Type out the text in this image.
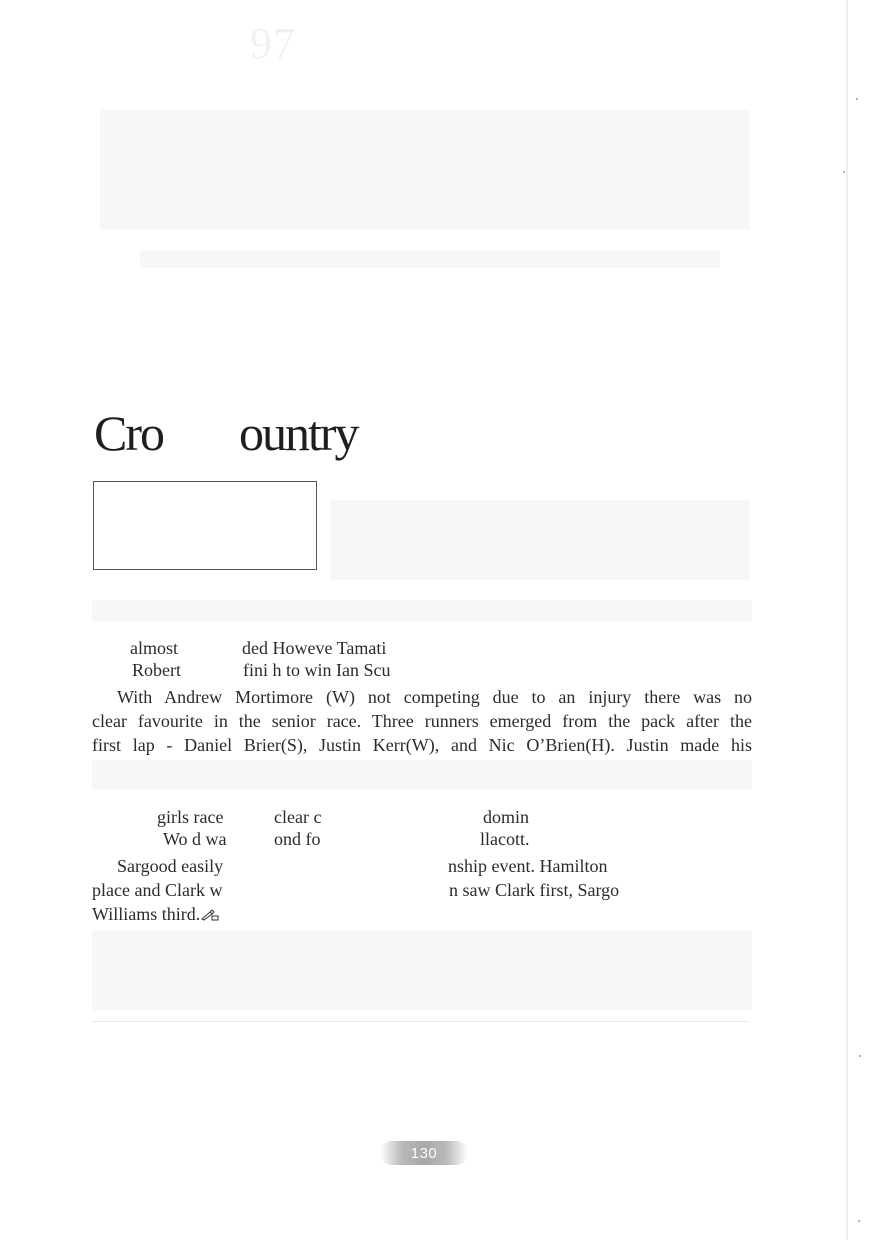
97
Cro ountry
almost	ded Howeve Tamati
Robert	fini h to win Ian Scu
With Andrew Mortimore (W) not competing due to an injury there was no
clear favourite in the senior race. Three runners emerged from the pack after the
first lap - Daniel Brier(S), Justin Kerr(W), and Nic O’Brien(H). Justin made his
girls race	clear c	domin
Wo d wa	ond fo	llacott.
Sargood easily
place and Clark w
Williams third.
nship event. Hamilton
n saw Clark first, Sargo
130
